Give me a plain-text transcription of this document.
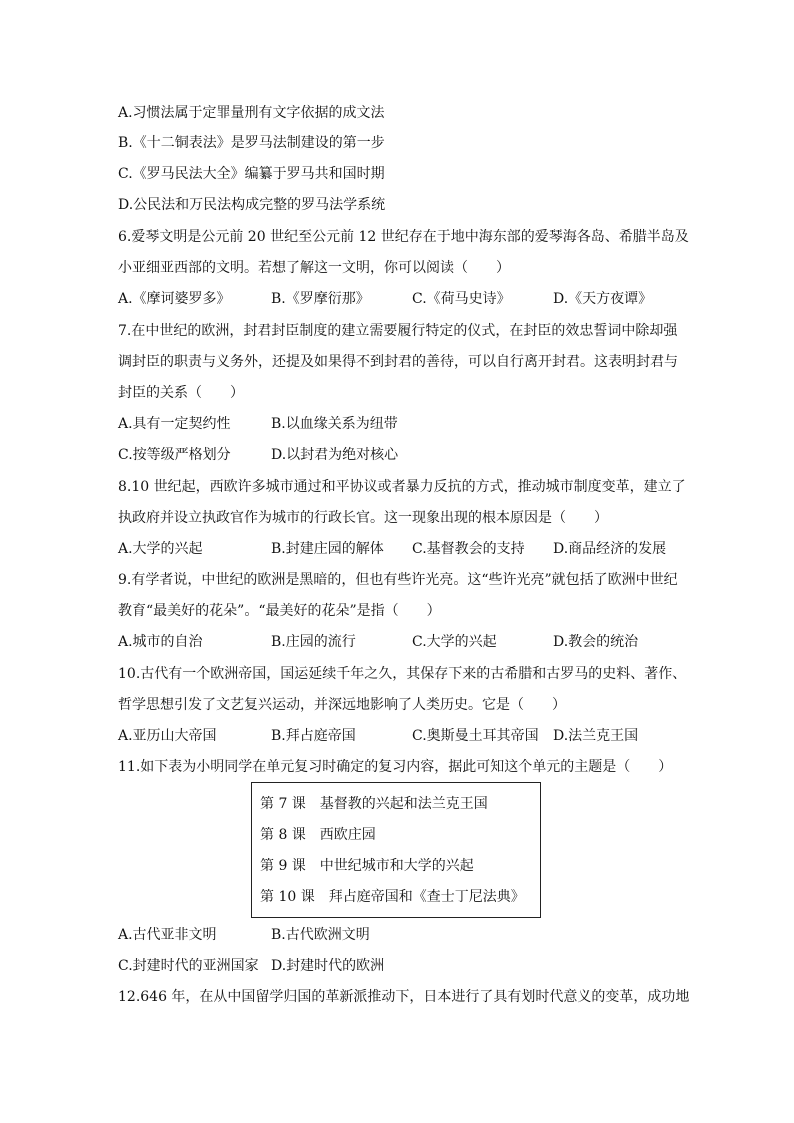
A.习惯法属于定罪量刑有文字依据的成文法
B.《十二铜表法》是罗马法制建设的第一步
C.《罗马民法大全》编纂于罗马共和国时期
D.公民法和万民法构成完整的罗马法学系统
6.爱琴文明是公元前 20 世纪至公元前 12 世纪存在于地中海东部的爱琴海各岛、希腊半岛及
小亚细亚西部的文明。若想了解这一文明，你可以阅读（　　）
A.《摩诃婆罗多》	B.《罗摩衍那》	C.《荷马史诗》	D.《天方夜谭》
7.在中世纪的欧洲，封君封臣制度的建立需要履行特定的仪式，在封臣的效忠誓词中除却强
调封臣的职责与义务外，还提及如果得不到封君的善待，可以自行离开封君。这表明封君与
封臣的关系（　　）
A.具有一定契约性	B.以血缘关系为纽带
C.按等级严格划分	D.以封君为绝对核心
8.10 世纪起，西欧许多城市通过和平协议或者暴力反抗的方式，推动城市制度变革，建立了
执政府并设立执政官作为城市的行政长官。这一现象出现的根本原因是（　　）
A.大学的兴起	B.封建庄园的解体 C.基督教会的支持 D.商品经济的发展
9.有学者说，中世纪的欧洲是黑暗的，但也有些许光亮。这“些许光亮”就包括了欧洲中世纪
教育“最美好的花朵”。“最美好的花朵”是指（　　）
A.城市的自治	B.庄园的流行	C.大学的兴起	D.教会的统治
10.古代有一个欧洲帝国，国运延续千年之久，其保存下来的古希腊和古罗马的史料、著作、
哲学思想引发了文艺复兴运动，并深远地影响了人类历史。它是（　　）
A.亚历山大帝国	B.拜占庭帝国	C.奥斯曼土耳其帝国 D.法兰克王国
11.如下表为小明同学在单元复习时确定的复习内容，据此可知这个单元的主题是（　　）
第 7 课　基督教的兴起和法兰克王国
第 8 课　西欧庄园
第 9 课　中世纪城市和大学的兴起
第 10 课　拜占庭帝国和《查士丁尼法典》
A.古代亚非文明	B.古代欧洲文明
C.封建时代的亚洲国家 D.封建时代的欧洲
12.646 年，在从中国留学归国的革新派推动下，日本进行了具有划时代意义的变革，成功地
